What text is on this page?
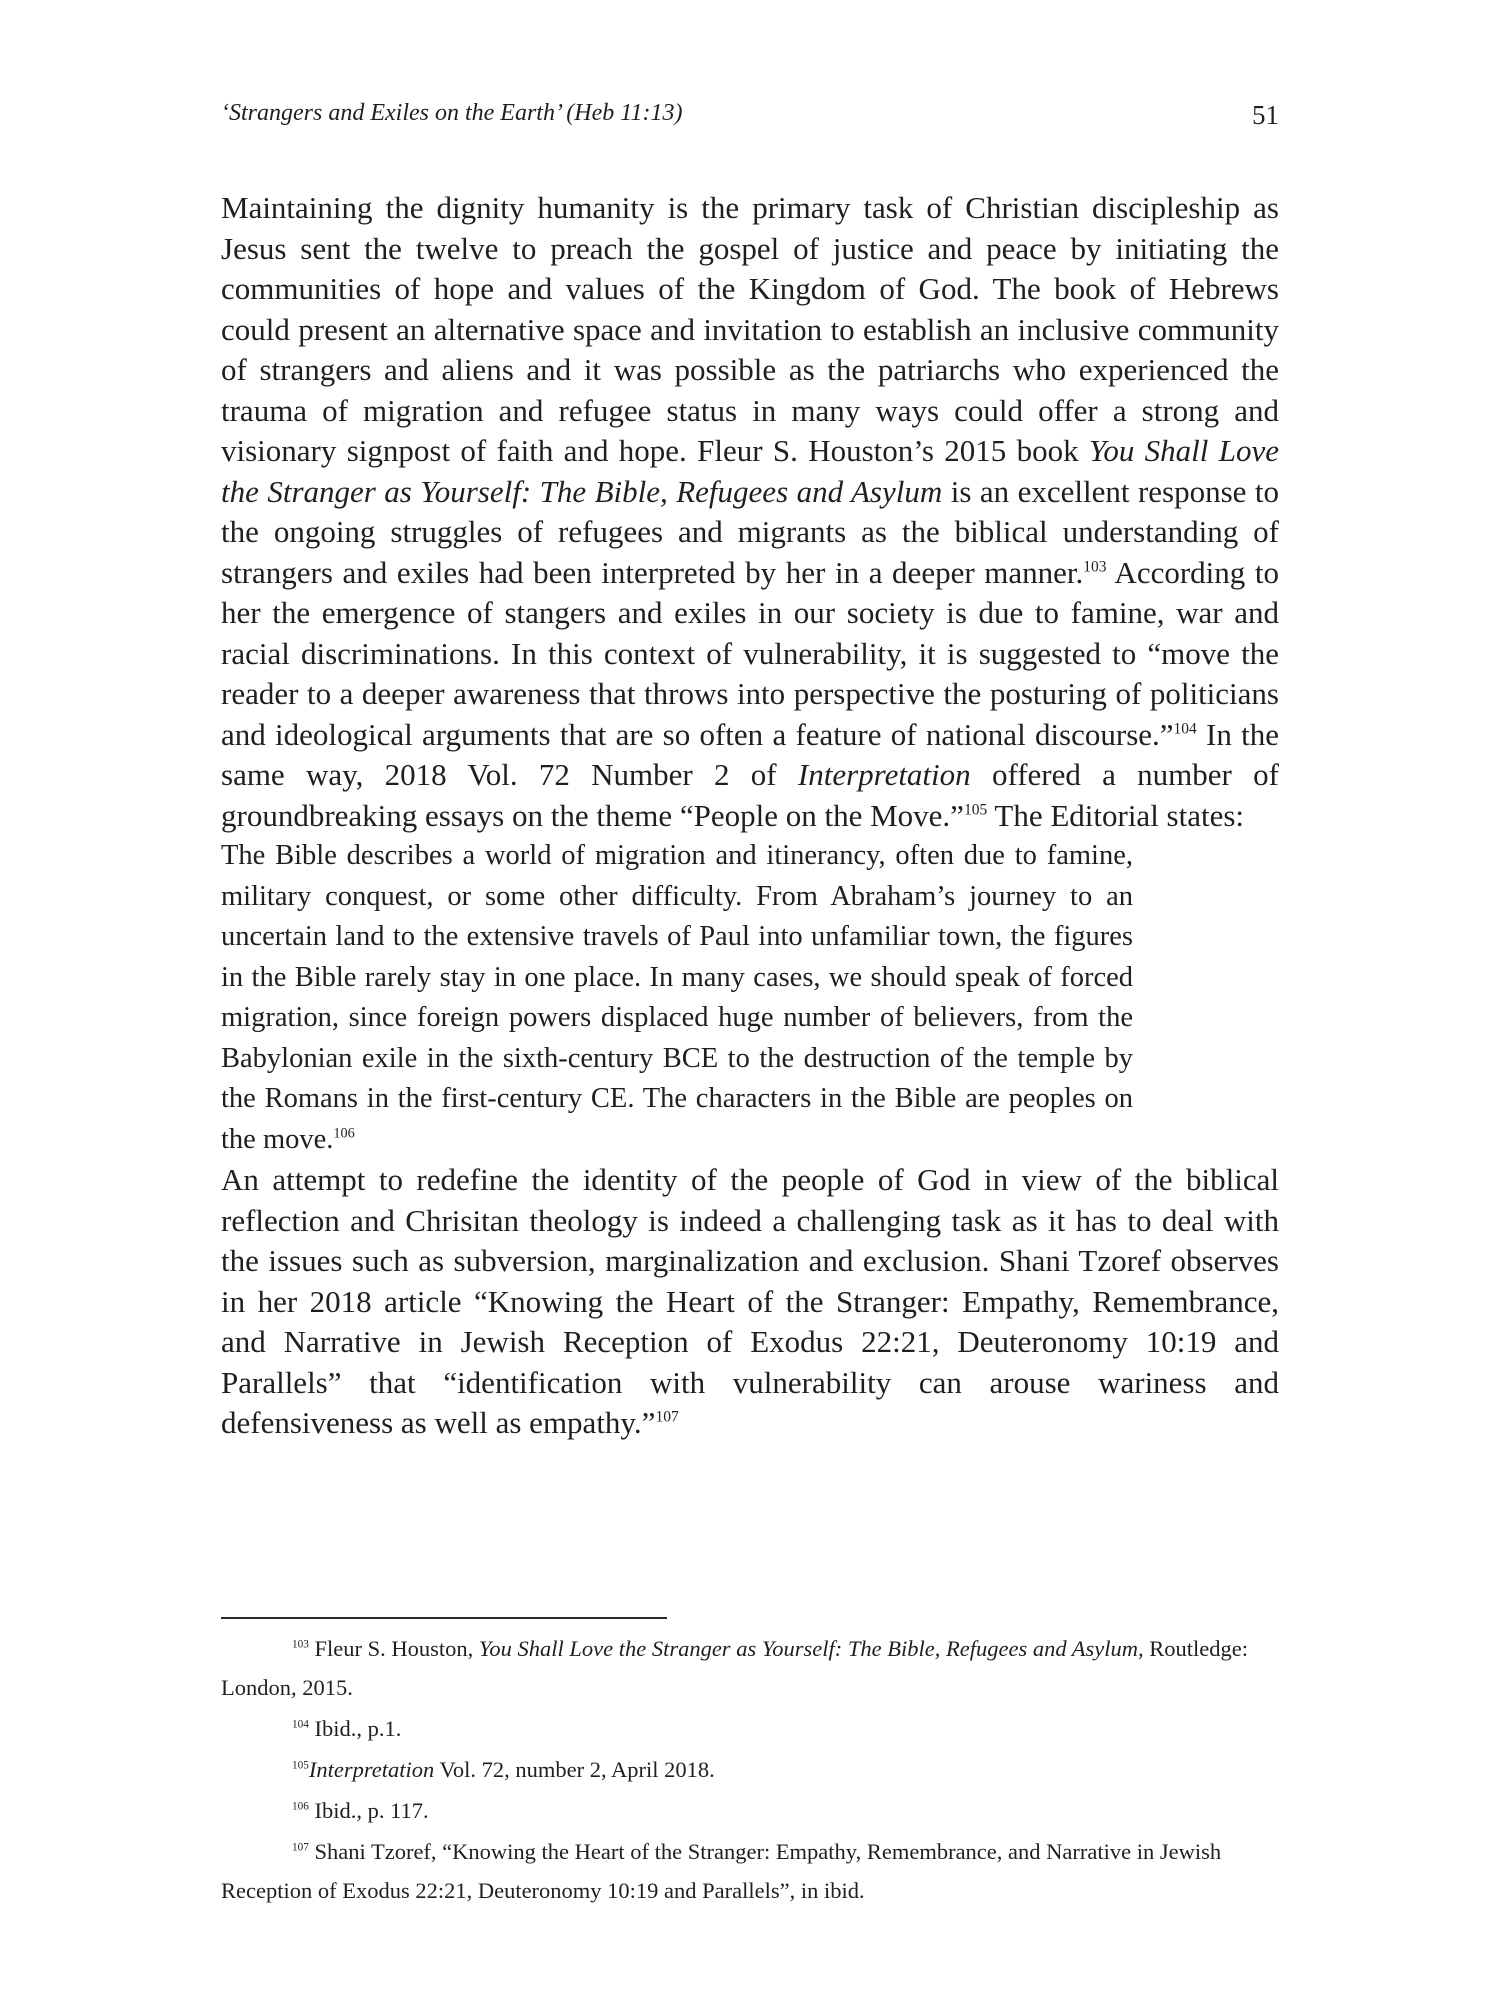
‘Strangers and Exiles on the Earth’ (Heb 11:13)	51

Maintaining the dignity humanity is the primary task of Christian discipleship as Jesus sent the twelve to preach the gospel of justice and peace by initiating the communities of hope and values of the Kingdom of God. The book of Hebrews could present an alternative space and invitation to establish an inclusive community of strangers and aliens and it was possible as the patriarchs who experienced the trauma of migration and refugee status in many ways could offer a strong and visionary signpost of faith and hope. Fleur S. Houston’s 2015 book You Shall Love the Stranger as Yourself: The Bible, Refugees and Asylum is an excellent response to the ongoing struggles of refugees and migrants as the biblical understanding of strangers and exiles had been interpreted by her in a deeper manner.$^{103}$ According to her the emergence of stangers and exiles in our society is due to famine, war and racial discriminations. In this context of vulnerability, it is suggested to “move the reader to a deeper awareness that throws into perspective the posturing of politicians and ideological arguments that are so often a feature of national discourse.”$^{104}$ In the same way, 2018 Vol. 72 Number 2 of Interpretation offered a number of groundbreaking essays on the theme “People on the Move.”$^{105}$ The Editorial states:

The Bible describes a world of migration and itinerancy, often due to famine, military conquest, or some other difficulty. From Abraham’s journey to an uncertain land to the extensive travels of Paul into unfamiliar town, the figures in the Bible rarely stay in one place. In many cases, we should speak of forced migration, since foreign powers displaced huge number of believers, from the Babylonian exile in the sixth-century BCE to the destruction of the temple by the Romans in the first-century CE. The characters in the Bible are peoples on the move.$^{106}$

An attempt to redefine the identity of the people of God in view of the biblical reflection and Chrisitan theology is indeed a challenging task as it has to deal with the issues such as subversion, marginalization and exclusion. Shani Tzoref observes in her 2018 article “Knowing the Heart of the Stranger: Empathy, Remembrance, and Narrative in Jewish Reception of Exodus 22:21, Deuteronomy 10:19 and Parallels” that “identification with vulnerability can arouse wariness and defensiveness as well as empathy.”$^{107}$

$^{103}$ Fleur S. Houston, You Shall Love the Stranger as Yourself: The Bible, Refugees and Asylum, Routledge: London, 2015.

$^{104}$ Ibid., p.1.

$^{105}$Interpretation Vol. 72, number 2, April 2018.

$^{106}$ Ibid., p. 117.

$^{107}$ Shani Tzoref, “Knowing the Heart of the Stranger: Empathy, Remembrance, and Narrative in Jewish Reception of Exodus 22:21, Deuteronomy 10:19 and Parallels”, in ibid.
